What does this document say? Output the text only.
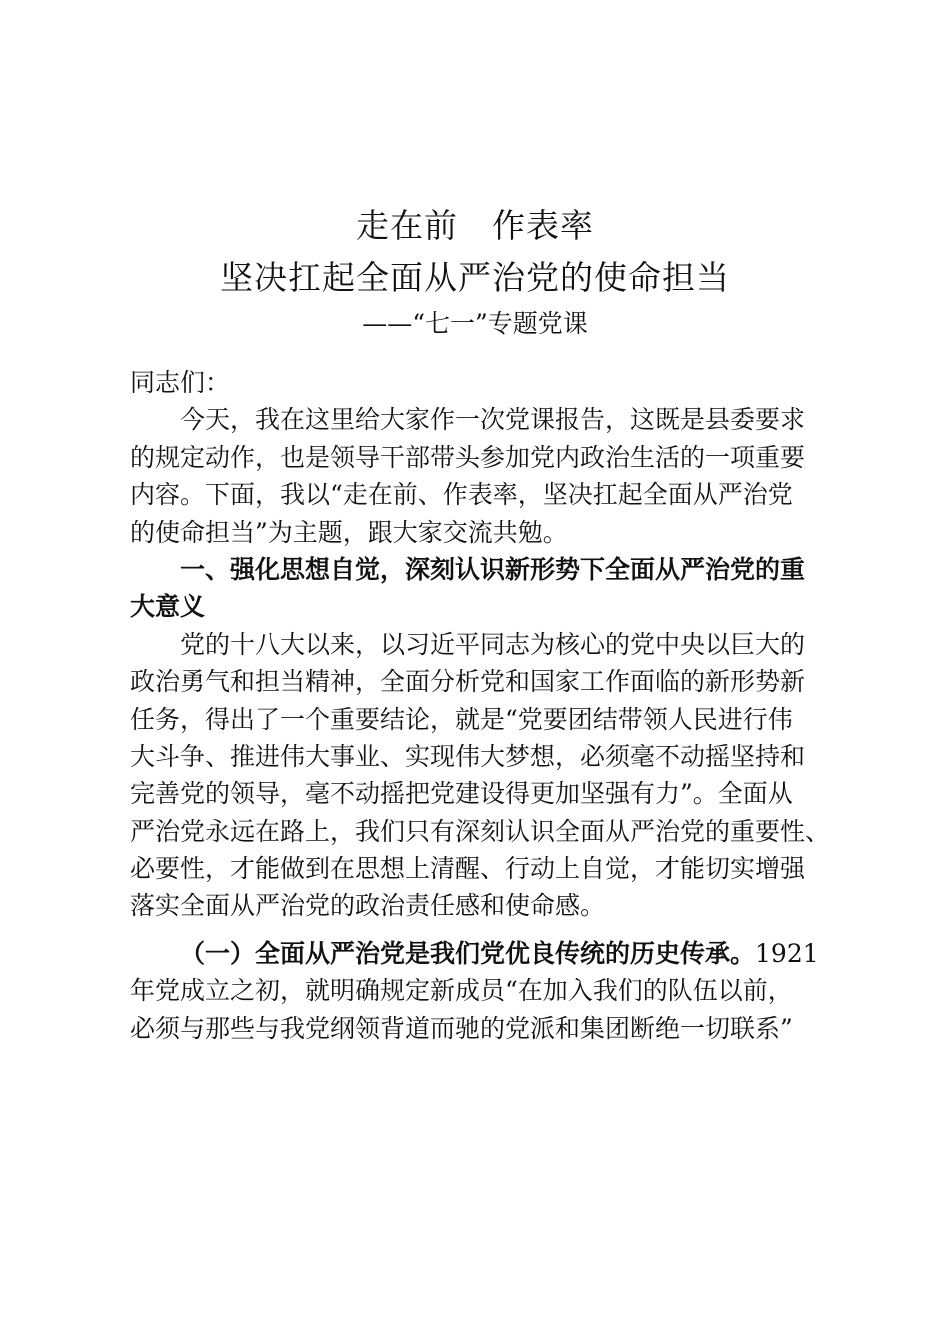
走在前　作表率
坚决扛起全面从严治党的使命担当
——“七一”专题党课
同志们：
今天，我在这里给大家作一次党课报告，这既是县委要求
的规定动作，也是领导干部带头参加党内政治生活的一项重要
内容。下面，我以“走在前、作表率，坚决扛起全面从严治党
的使命担当”为主题，跟大家交流共勉。
一、强化思想自觉，深刻认识新形势下全面从严治党的重
大意义
党的十八大以来，以习近平同志为核心的党中央以巨大的
政治勇气和担当精神，全面分析党和国家工作面临的新形势新
任务，得出了一个重要结论，就是“党要团结带领人民进行伟
大斗争、推进伟大事业、实现伟大梦想，必须毫不动摇坚持和
完善党的领导，毫不动摇把党建设得更加坚强有力”。全面从
严治党永远在路上，我们只有深刻认识全面从严治党的重要性、
必要性，才能做到在思想上清醒、行动上自觉，才能切实增强
落实全面从严治党的政治责任感和使命感。
（一）全面从严治党是我们党优良传统的历史传承。1921
年党成立之初，就明确规定新成员“在加入我们的队伍以前，
必须与那些与我党纲领背道而驰的党派和集团断绝一切联系”
